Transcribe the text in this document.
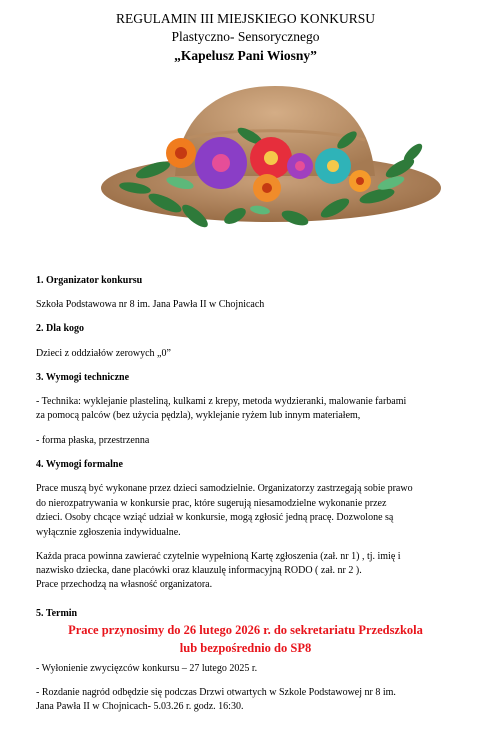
REGULAMIN III MIEJSKIEGO KONKURSU
Plastyczno- Sensorycznego
„Kapelusz Pani Wiosny”

1. Organizator konkursu

Szkoła Podstawowa nr 8 im. Jana Pawła II w Chojnicach

2. Dla kogo

Dzieci z oddziałów zerowych „0”

3. Wymogi techniczne

- Technika: wyklejanie plasteliną, kulkami z krepy, metoda wydzieranki, malowanie farbami

za pomocą palców (bez użycia pędzla), wyklejanie ryżem lub innym materiałem,

- forma płaska, przestrzenna

4. Wymogi formalne

Prace muszą być wykonane przez dzieci samodzielnie. Organizatorzy zastrzegają sobie prawo

do nierozpatrywania w konkursie prac, które sugerują niesamodzielne wykonanie przez

dzieci. Osoby chcące wziąć udział w konkursie, mogą zgłosić jedną pracę. Dozwolone są

wyłącznie zgłoszenia indywidualne.

Każda praca powinna zawierać czytelnie wypełnioną Kartę zgłoszenia (zał. nr 1) , tj. imię i

nazwisko dziecka, dane placówki oraz klauzulę informacyjną RODO ( zał. nr 2 ).

Prace przechodzą na własność organizatora.

5. Termin

Prace przynosimy do 26 lutego 2026 r. do sekretariatu Przedszkola
lub bezpośrednio do SP8

- Wyłonienie zwycięzców konkursu – 27 lutego 2025 r.

- Rozdanie nagród odbędzie się podczas Drzwi otwartych w Szkole Podstawowej nr 8 im.

Jana Pawła II w Chojnicach- 5.03.26 r. godz. 16:30.
